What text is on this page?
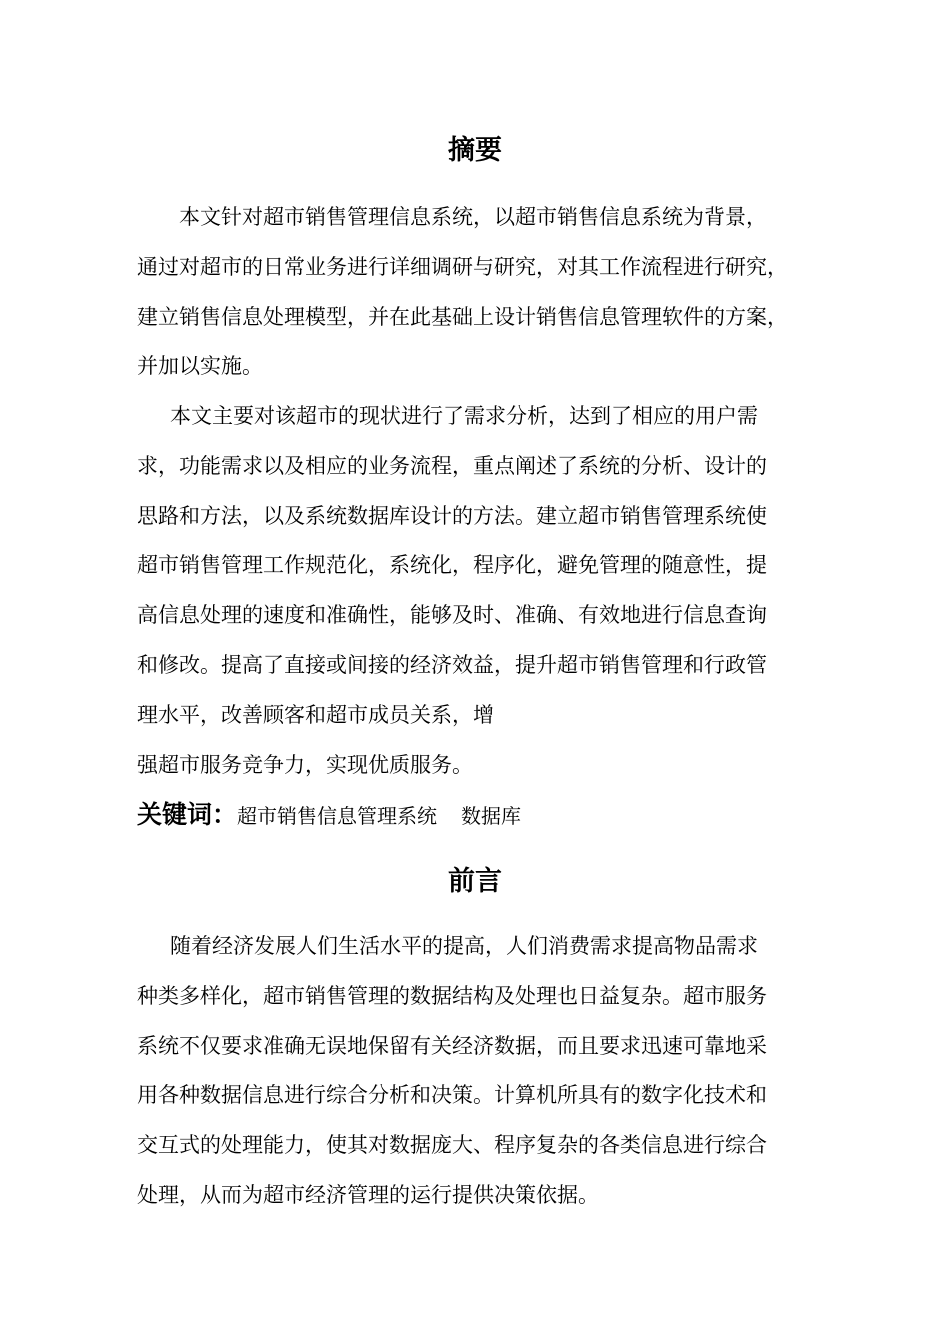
摘要

本文针对超市销售管理信息系统，以超市销售信息系统为背景，

通过对超市的日常业务进行详细调研与研究，对其工作流程进行研究，

建立销售信息处理模型，并在此基础上设计销售信息管理软件的方案，

并加以实施。

本文主要对该超市的现状进行了需求分析，达到了相应的用户需

求，功能需求以及相应的业务流程，重点阐述了系统的分析、设计的

思路和方法，以及系统数据库设计的方法。建立超市销售管理系统使

超市销售管理工作规范化，系统化，程序化，避免管理的随意性，提

高信息处理的速度和准确性，能够及时、准确、有效地进行信息查询

和修改。提高了直接或间接的经济效益，提升超市销售管理和行政管

理水平，改善顾客和超市成员关系，增

强超市服务竞争力，实现优质服务。

关键词：超市销售信息管理系统 数据库

前言

随着经济发展人们生活水平的提高，人们消费需求提高物品需求

种类多样化，超市销售管理的数据结构及处理也日益复杂。超市服务

系统不仅要求准确无误地保留有关经济数据，而且要求迅速可靠地采

用各种数据信息进行综合分析和决策。计算机所具有的数字化技术和

交互式的处理能力，使其对数据庞大、程序复杂的各类信息进行综合

处理，从而为超市经济管理的运行提供决策依据。
